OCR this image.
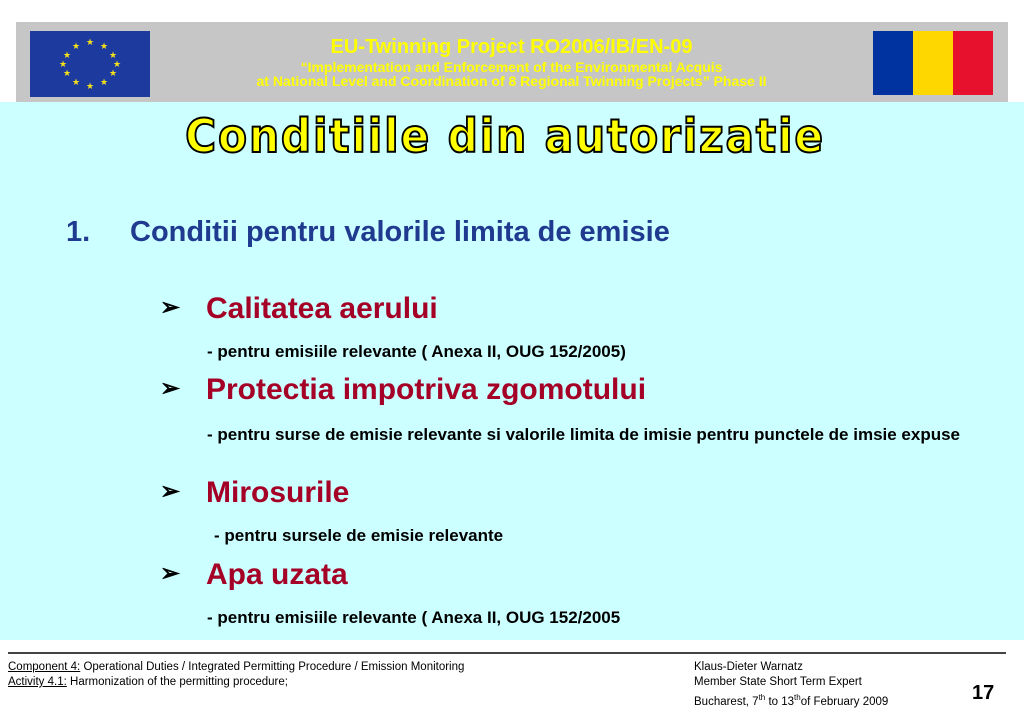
★ ★
★
★
★
★
★
★
★
★
★
★	EU-Twinning Project RO2006/IB/EN-09
“Implementation and Enforcement of the Environmental Acquis
at National Level and Coordination of 8 Regional Twinning Projects” Phase II
Conditiile din autorizatie
1. Conditii pentru valorile limita de emisie
➢ Calitatea aerului
- pentru emisiile relevante ( Anexa II, OUG 152/2005)
➢ Protectia impotriva zgomotului
- pentru surse de emisie relevante si valorile limita de imisie pentru punctele de imsie expuse
➢ Mirosurile
- pentru sursele de emisie relevante
➢ Apa uzata
- pentru emisiile relevante ( Anexa II, OUG 152/2005
Component 4: Operational Duties / Integrated Permitting Procedure / Emission Monitoring
Activity 4.1: Harmonization of the permitting procedure;
Klaus-Dieter Warnatz
Member State Short Term Expert
Bucharest, 7th to 13thof February 2009	17
